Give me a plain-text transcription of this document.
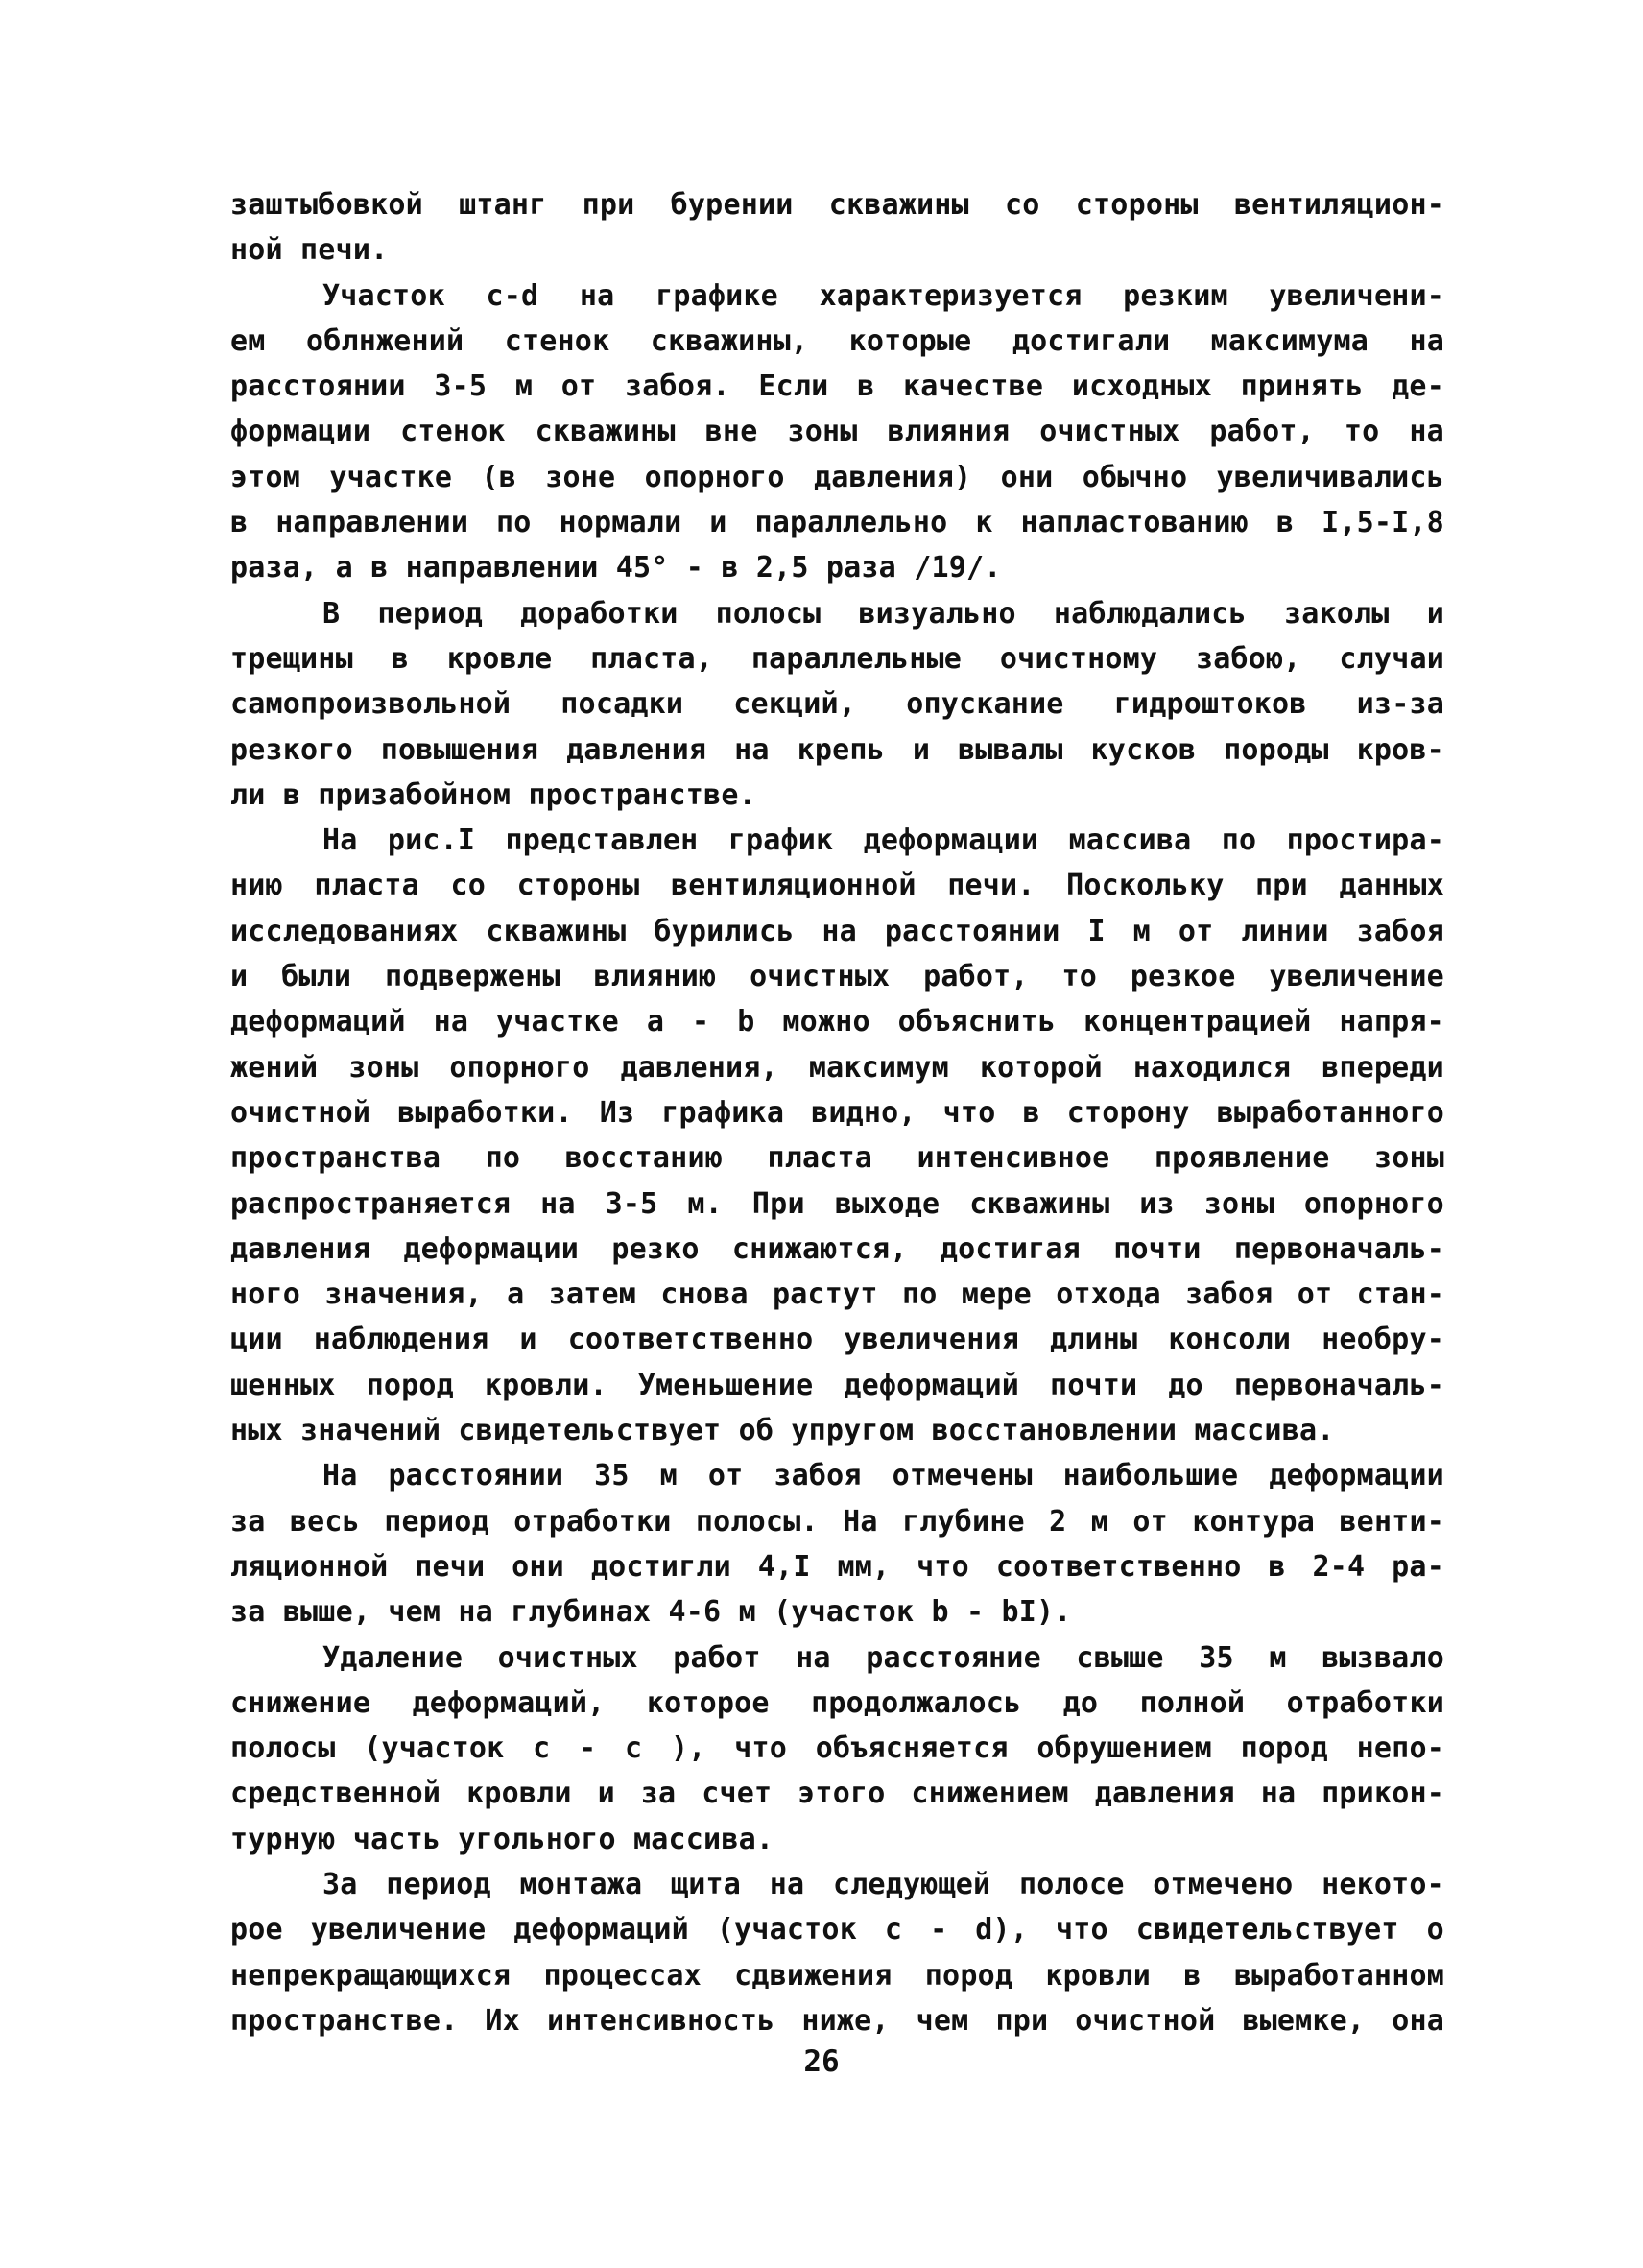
заштыбовкой штанг при бурении скважины со стороны вентиляцион-
ной печи.
Участок c-d на графике характеризуется резким увеличени-
ем облнжений стенок скважины, которые достигали максимума на
расстоянии 3-5 м от забоя. Если в качестве исходных принять де-
формации стенок скважины вне зоны влияния очистных работ, то на
этом участке (в зоне опорного давления) они обычно увеличивались
в направлении по нормали и параллельно к напластованию в I,5-I,8
раза, а в направлении 45° - в 2,5 раза /19/.
В период доработки полосы визуально наблюдались заколы и
трещины в кровле пласта, параллельные очистному забою, случаи
самопроизвольной посадки секций, опускание гидроштоков из-за
резкого повышения давления на крепь и вывалы кусков породы кров-
ли в призабойном пространстве.
На рис.I представлен график деформации массива по простира-
нию пласта со стороны вентиляционной печи. Поскольку при данных
исследованиях скважины бурились на расстоянии I м от линии забоя
и были подвержены влиянию очистных работ, то резкое увеличение
деформаций на участке a - b можно объяснить концентрацией напря-
жений зоны опорного давления, максимум которой находился впереди
очистной выработки. Из графика видно, что в сторону выработанного
пространства по восстанию пласта интенсивное проявление зоны
распространяется на 3-5 м. При выходе скважины из зоны опорного
давления деформации резко снижаются, достигая почти первоначаль-
ного значения, а затем снова растут по мере отхода забоя от стан-
ции наблюдения и соответственно увеличения длины консоли необру-
шенных пород кровли. Уменьшение деформаций почти до первоначаль-
ных значений свидетельствует об упругом восстановлении массива.
На расстоянии 35 м от забоя отмечены наибольшие деформации
за весь период отработки полосы. На глубине 2 м от контура венти-
ляционной печи они достигли 4,I мм, что соответственно в 2-4 ра-
за выше, чем на глубинах 4-6 м (участок b - bI).
Удаление очистных работ на расстояние свыше 35 м вызвало
снижение деформаций, которое продолжалось до полной отработки
полосы (участок c - c ), что объясняется обрушением пород непо-
средственной кровли и за счет этого снижением давления на прикон-
турную часть угольного массива.
За период монтажа щита на следующей полосе отмечено некото-
рое увеличение деформаций (участок c - d), что свидетельствует о
непрекращающихся процессах сдвижения пород кровли в выработанном
пространстве. Их интенсивность ниже, чем при очистной выемке, она
26
